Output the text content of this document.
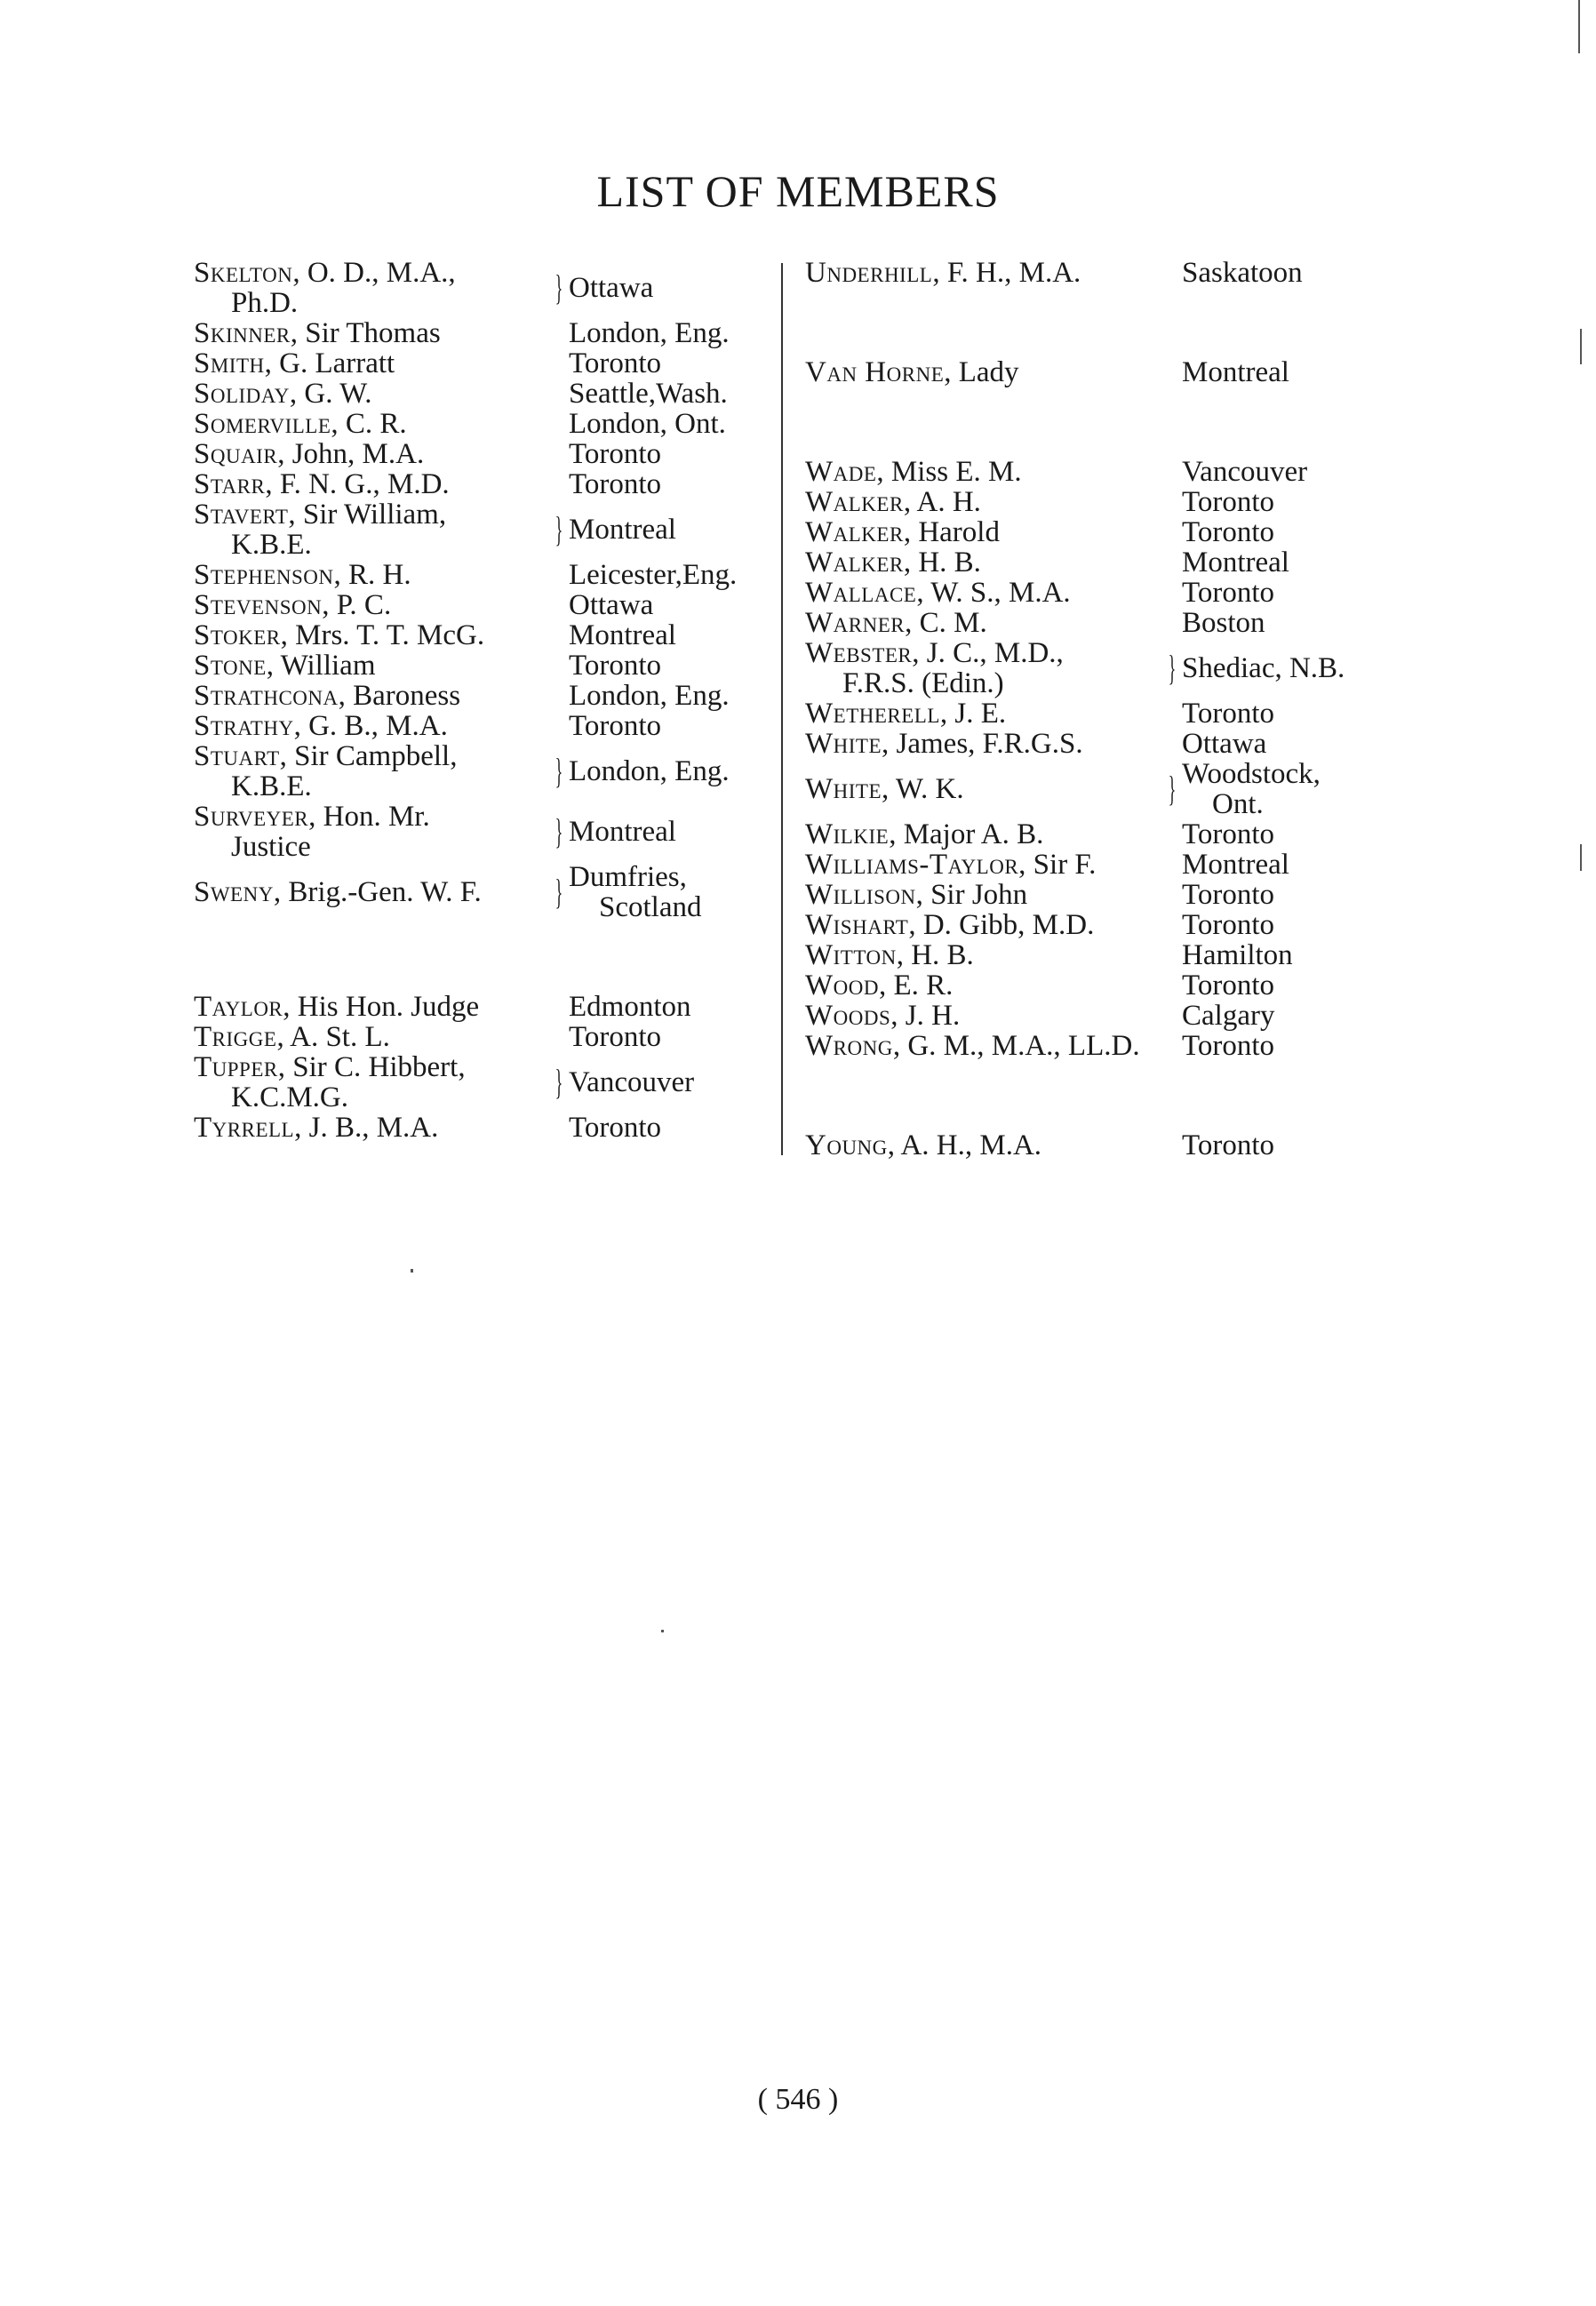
LIST OF MEMBERS
Skelton, O. D., M.A.,
Ph.D.	} Ottawa
Skinner, Sir Thomas	London, Eng.
Smith, G. Larratt	Toronto
Soliday, G. W.	Seattle,Wash.
Somerville, C. R.	London, Ont.
Squair, John, M.A.	Toronto
Starr, F. N. G., M.D.	Toronto
Stavert, Sir William,
K.B.E.	} Montreal
Stephenson, R. H.	Leicester,Eng.
Stevenson, P. C.	Ottawa
Stoker, Mrs. T. T. McG.	Montreal
Stone, William	Toronto
Strathcona, Baroness	London, Eng.
Strathy, G. B., M.A.	Toronto
Stuart, Sir Campbell,
K.B.E.	} London, Eng.
Surveyer, Hon. Mr.
Justice	} Montreal
Sweny, Brig.-Gen. W. F.	} Dumfries,
Scotland
Taylor, His Hon. Judge	Edmonton
Trigge, A. St. L.	Toronto
Tupper, Sir C. Hibbert,
K.C.M.G.	} Vancouver
Tyrrell, J. B., M.A.	Toronto
Underhill, F. H., M.A.	Saskatoon
Van Horne, Lady	Montreal
Wade, Miss E. M.	Vancouver
Walker, A. H.	Toronto
Walker, Harold	Toronto
Walker, H. B.	Montreal
Wallace, W. S., M.A.	Toronto
Warner, C. M.	Boston
Webster, J. C., M.D.,
F.R.S. (Edin.)	} Shediac, N.B.
Wetherell, J. E.	Toronto
White, James, F.R.G.S.	Ottawa
White, W. K.	} Woodstock,
Ont.
Wilkie, Major A. B.	Toronto
Williams-Taylor, Sir F.	Montreal
Willison, Sir John	Toronto
Wishart, D. Gibb, M.D.	Toronto
Witton, H. B.	Hamilton
Wood, E. R.	Toronto
Woods, J. H.	Calgary
Wrong, G. M., M.A., LL.D.	Toronto
Young, A. H., M.A.	Toronto
( 546 )
